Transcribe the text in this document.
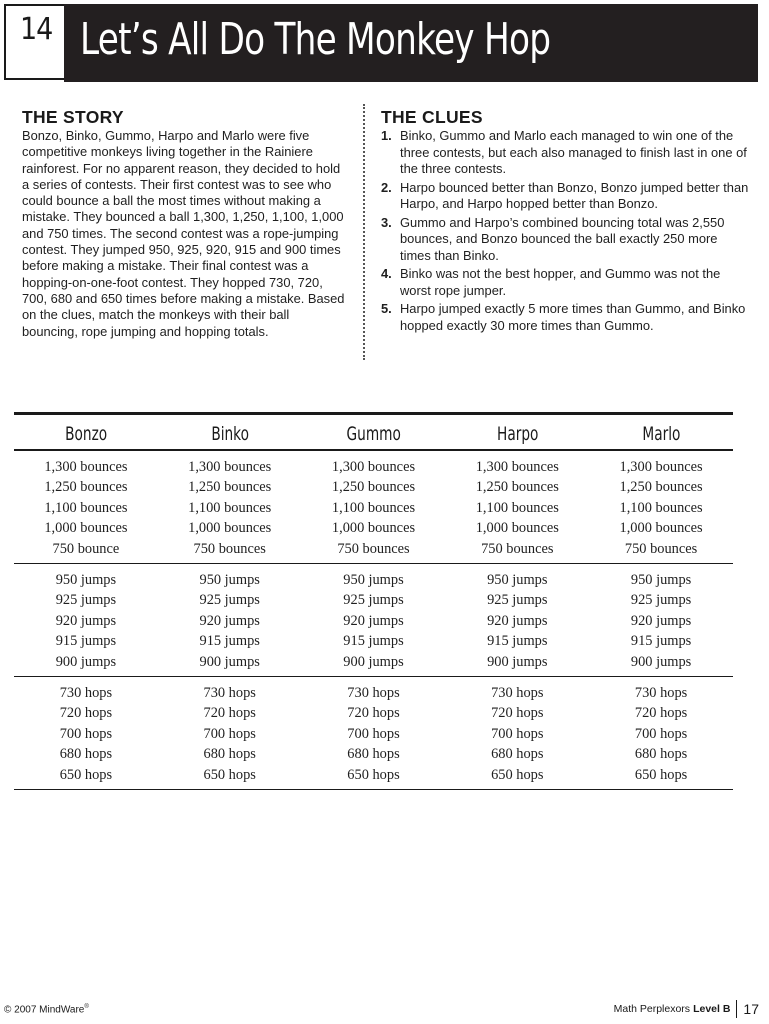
14 Let’s All Do The Monkey Hop
THE STORY

Bonzo, Binko, Gummo, Harpo and Marlo were five competitive monkeys living together in the Rainiere rainforest. For no apparent reason, they decided to hold a series of contests. Their first contest was to see who could bounce a ball the most times without making a mistake. They bounced a ball 1,300, 1,250, 1,100, 1,000 and 750 times. The second contest was a rope-jumping contest. They jumped 950, 925, 920, 915 and 900 times before making a mistake. Their final contest was a hopping-on-one-foot contest. They hopped 730, 720, 700, 680 and 650 times before making a mistake. Based on the clues, match the monkeys with their ball bouncing, rope jumping and hopping totals.

THE CLUES
1. Binko, Gummo and Marlo each managed to win one of the three contests, but each also managed to finish last in one of the three contests.
2. Harpo bounced better than Bonzo, Bonzo jumped better than Harpo, and Harpo hopped better than Bonzo.
3. Gummo and Harpo’s combined bouncing total was 2,550 bounces, and Bonzo bounced the ball exactly 250 more times than Binko.
4. Binko was not the best hopper, and Gummo was not the worst rope jumper.
5. Harpo jumped exactly 5 more times than Gummo, and Binko hopped exactly 30 more times than Gummo.
Bonzo	Binko	Gummo	Harpo	Marlo
1,300 bounces	1,300 bounces	1,300 bounces	1,300 bounces	1,300 bounces
1,250 bounces	1,250 bounces	1,250 bounces	1,250 bounces	1,250 bounces
1,100 bounces	1,100 bounces	1,100 bounces	1,100 bounces	1,100 bounces
1,000 bounces	1,000 bounces	1,000 bounces	1,000 bounces	1,000 bounces
750 bounce	750 bounces	750 bounces	750 bounces	750 bounces
950 jumps	950 jumps	950 jumps	950 jumps	950 jumps
925 jumps	925 jumps	925 jumps	925 jumps	925 jumps
920 jumps	920 jumps	920 jumps	920 jumps	920 jumps
915 jumps	915 jumps	915 jumps	915 jumps	915 jumps
900 jumps	900 jumps	900 jumps	900 jumps	900 jumps
730 hops	730 hops	730 hops	730 hops	730 hops
720 hops	720 hops	720 hops	720 hops	720 hops
700 hops	700 hops	700 hops	700 hops	700 hops
680 hops	680 hops	680 hops	680 hops	680 hops
650 hops	650 hops	650 hops	650 hops	650 hops
© 2007 MindWare®	Math Perplexors Level B 17
